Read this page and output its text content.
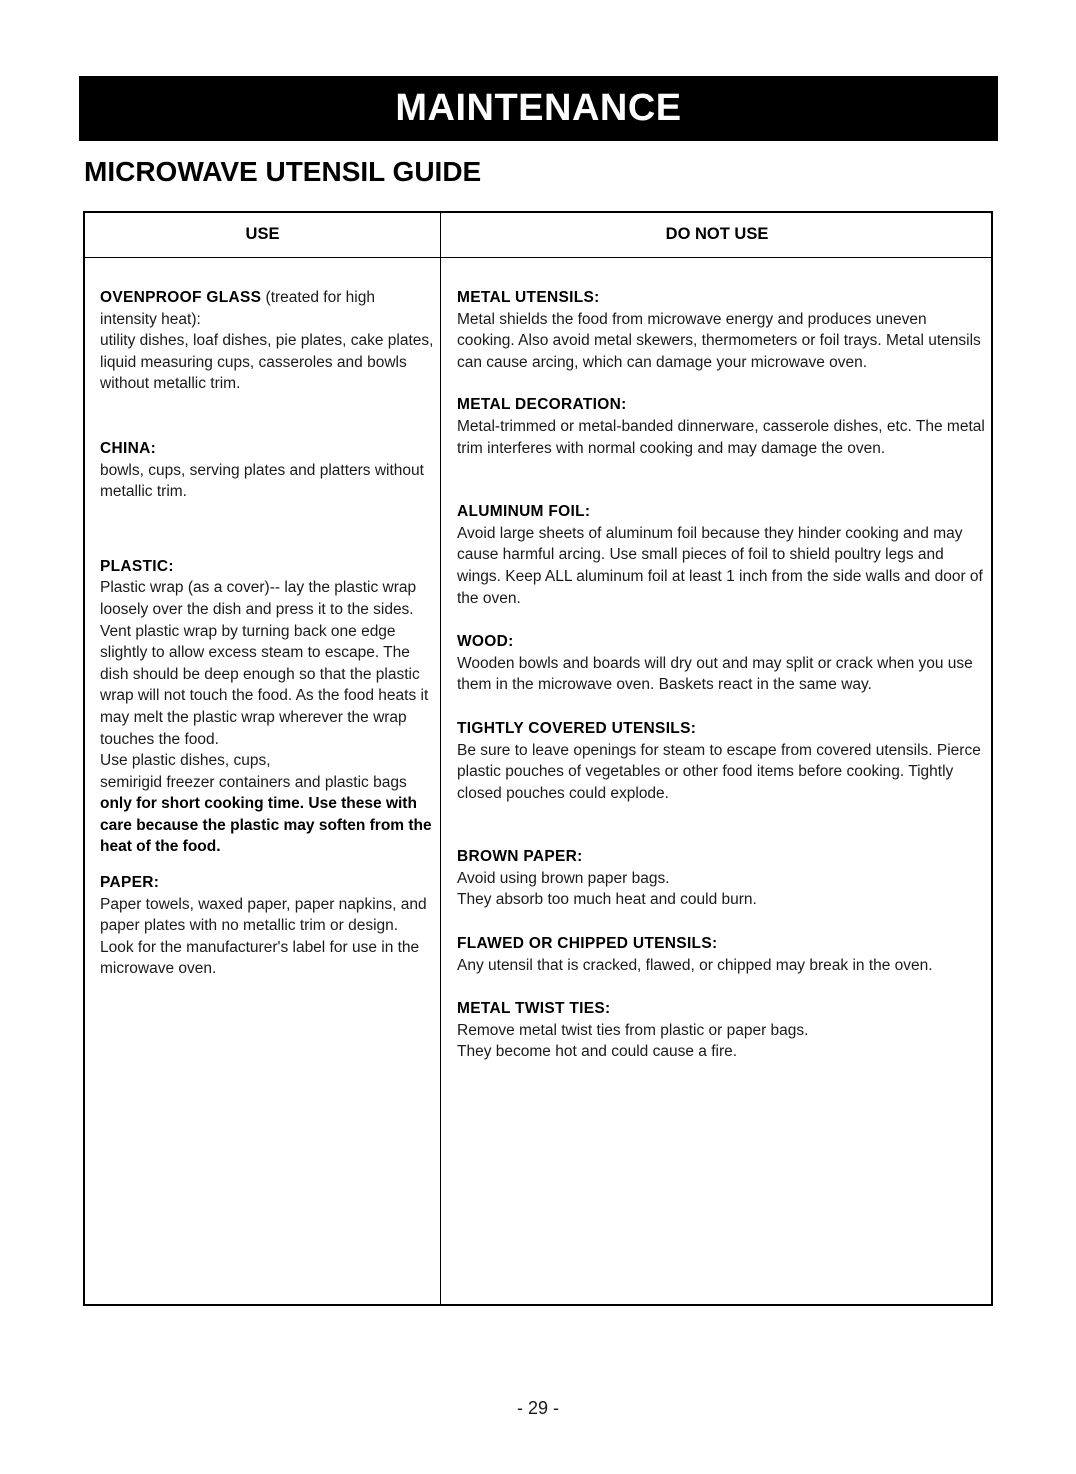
MAINTENANCE
MICROWAVE UTENSIL GUIDE
USE	DO NOT USE
OVENPROOF GLASS (treated for high intensity heat):
utility dishes, loaf dishes, pie plates, cake plates, liquid measuring cups, casseroles and bowls without metallic trim.
CHINA:
bowls, cups, serving plates and platters without metallic trim.
PLASTIC:
Plastic wrap (as a cover)-- lay the plastic wrap loosely over the dish and press it to the sides.
Vent plastic wrap by turning back one edge slightly to allow excess steam to escape. The dish should be deep enough so that the plastic wrap will not touch the food. As the food heats it may melt the plastic wrap wherever the wrap touches the food.
Use plastic dishes, cups,
semirigid freezer containers and plastic bags only for short cooking time. Use these with care because the plastic may soften from the heat of the food.
PAPER:
Paper towels, waxed paper, paper napkins, and paper plates with no metallic trim or design. Look for the manufacturer's label for use in the microwave oven.
METAL UTENSILS:
Metal shields the food from microwave energy and produces uneven cooking. Also avoid metal skewers, thermometers or foil trays. Metal utensils can cause arcing, which can damage your microwave oven.
METAL DECORATION:
Metal-trimmed or metal-banded dinnerware, casserole dishes, etc. The metal trim interferes with normal cooking and may damage the oven.
ALUMINUM FOIL:
Avoid large sheets of aluminum foil because they hinder cooking and may cause harmful arcing. Use small pieces of foil to shield poultry legs and wings. Keep ALL aluminum foil at least 1 inch from the side walls and door of the oven.
WOOD:
Wooden bowls and boards will dry out and may split or crack when you use them in the microwave oven. Baskets react in the same way.
TIGHTLY COVERED UTENSILS:
Be sure to leave openings for steam to escape from covered utensils. Pierce plastic pouches of vegetables or other food items before cooking. Tightly closed pouches could explode.
BROWN PAPER:
Avoid using brown paper bags.
They absorb too much heat and could burn.
FLAWED OR CHIPPED UTENSILS:
Any utensil that is cracked, flawed, or chipped may break in the oven.
METAL TWIST TIES:
Remove metal twist ties from plastic or paper bags.
They become hot and could cause a fire.
- 29 -
